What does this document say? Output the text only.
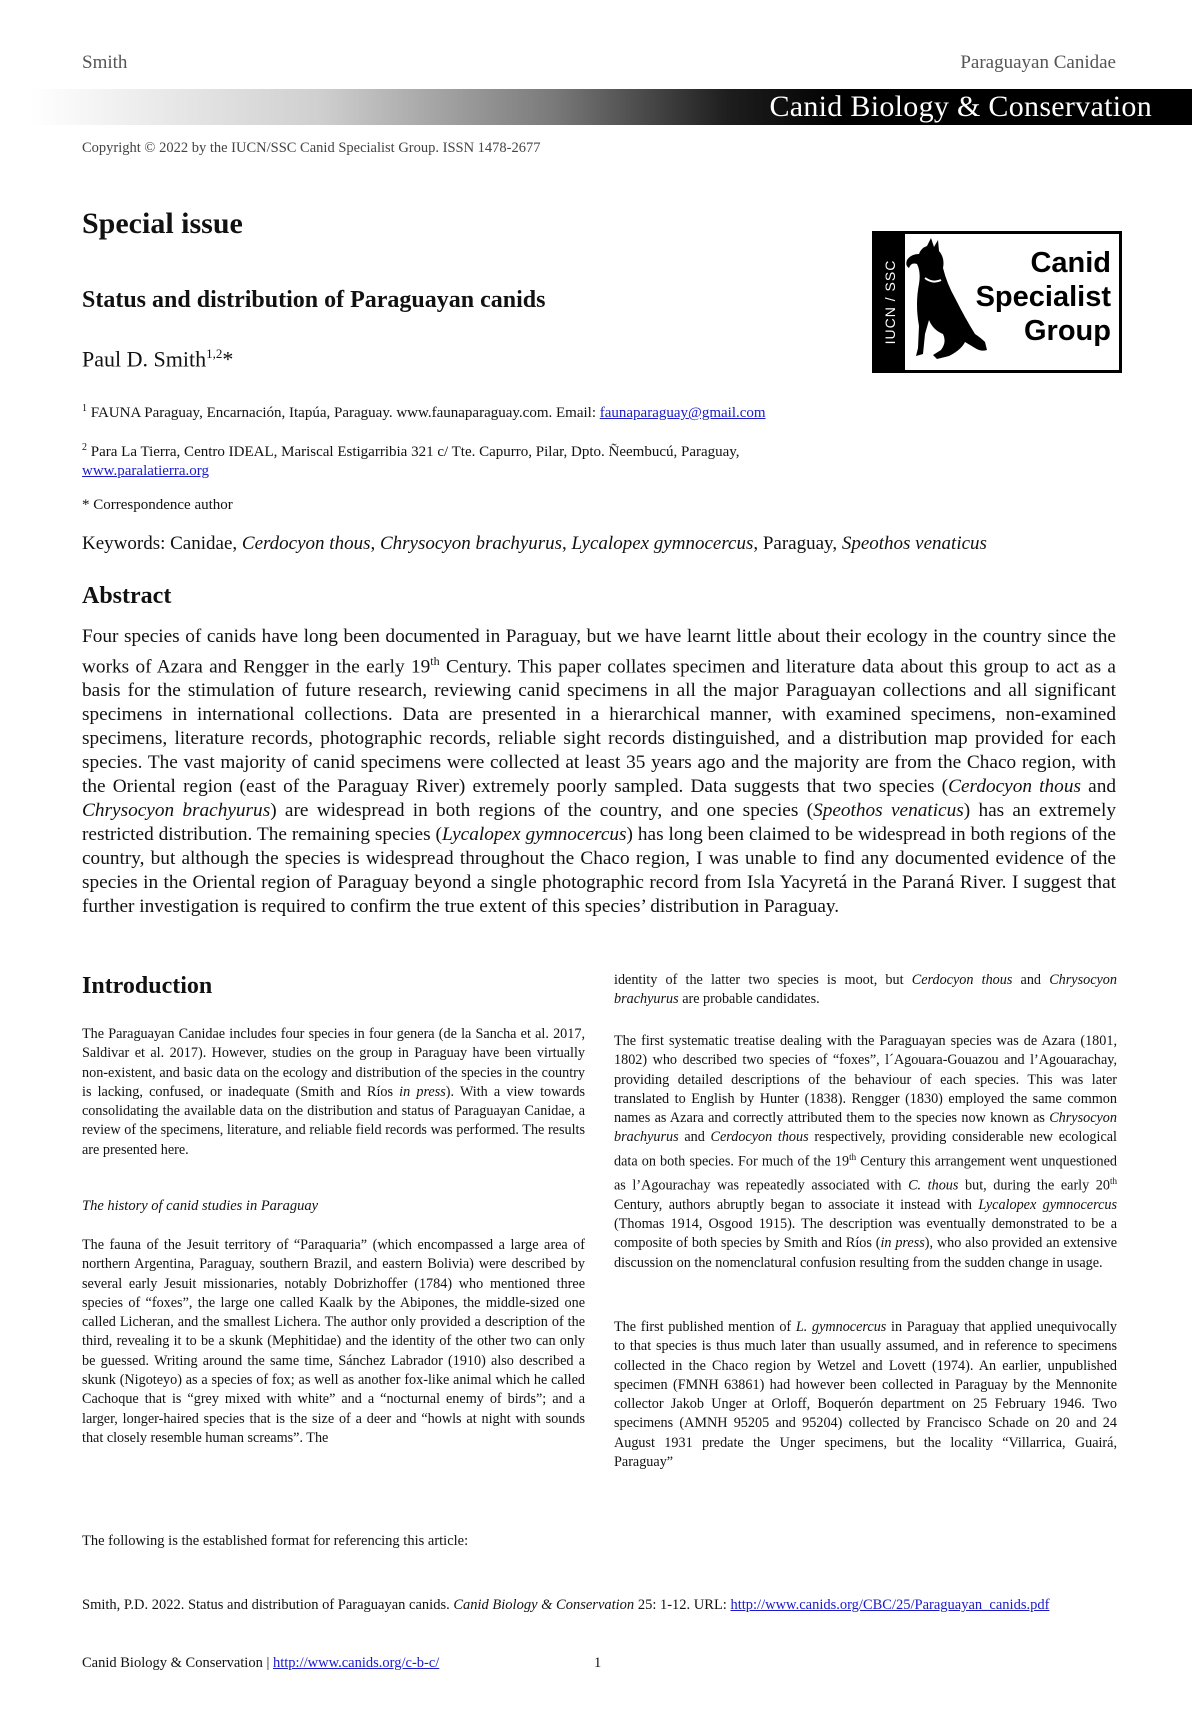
Smith	Paraguayan Canidae
Canid Biology & Conservation
Copyright © 2022 by the IUCN/SSC Canid Specialist Group. ISSN 1478-2677
Special issue
Status and distribution of Paraguayan canids
Paul D. Smith$^{1,2}$*
IUCN / SSC	Canid
Specialist
Group
$^1$ FAUNA Paraguay, Encarnación, Itapúa, Paraguay. www.faunaparaguay.com. Email: faunaparaguay@gmail.com
$^2$ Para La Tierra, Centro IDEAL, Mariscal Estigarribia 321 c/ Tte. Capurro, Pilar, Dpto. Ñeembucú, Paraguay,
www.paralatierra.org
* Correspondence author
Keywords: Canidae, Cerdocyon thous, Chrysocyon brachyurus, Lycalopex gymnocercus, Paraguay, Speothos venaticus
Abstract

Four species of canids have long been documented in Paraguay, but we have learnt little about their ecology in the country since the works of Azara and Rengger in the early 19th Century. This paper collates specimen and literature data about this group to act as a basis for the stimulation of future research, reviewing canid specimens in all the major Paraguayan collections and all significant specimens in international collections. Data are presented in a hierarchical manner, with examined specimens, non-examined specimens, literature records, photographic records, reliable sight records distinguished, and a distribution map provided for each species. The vast majority of canid specimens were collected at least 35 years ago and the majority are from the Chaco region, with the Oriental region (east of the Paraguay River) extremely poorly sampled. Data suggests that two species (Cerdocyon thous and Chrysocyon brachyurus) are widespread in both regions of the country, and one species (Speothos venaticus) has an extremely restricted distribution. The remaining species (Lycalopex gymnocercus) has long been claimed to be widespread in both regions of the country, but although the species is widespread throughout the Chaco region, I was unable to find any documented evidence of the species in the Oriental region of Paraguay beyond a single photographic record from Isla Yacyretá in the Paraná River. I suggest that further investigation is required to confirm the true extent of this species’ distribution in Paraguay.

Introduction

The Paraguayan Canidae includes four species in four genera (de la Sancha et al. 2017, Saldivar et al. 2017). However, studies on the group in Paraguay have been virtually non-existent, and basic data on the ecology and distribution of the species in the country is lacking, confused, or inadequate (Smith and Ríos in press). With a view towards consolidating the available data on the distribution and status of Paraguayan Canidae, a review of the specimens, literature, and reliable field records was performed. The results are presented here.

The history of canid studies in Paraguay

The fauna of the Jesuit territory of “Paraquaria” (which encompassed a large area of northern Argentina, Paraguay, southern Brazil, and eastern Bolivia) were described by several early Jesuit missionaries, notably Dobrizhoffer (1784) who mentioned three species of “foxes”, the large one called Kaalk by the Abipones, the middle-sized one called Licheran, and the smallest Lichera. The author only provided a description of the third, revealing it to be a skunk (Mephitidae) and the identity of the other two can only be guessed. Writing around the same time, Sánchez Labrador (1910) also described a skunk (Nigoteyo) as a species of fox; as well as another fox-like animal which he called Cachoque that is “grey mixed with white” and a “nocturnal enemy of birds”; and a larger, longer-haired species that is the size of a deer and “howls at night with sounds that closely resemble human screams”. The

identity of the latter two species is moot, but Cerdocyon thous and Chrysocyon brachyurus are probable candidates.

The first systematic treatise dealing with the Paraguayan species was de Azara (1801, 1802) who described two species of “foxes”, l´Agouara-Gouazou and l’Agouarachay, providing detailed descriptions of the behaviour of each species. This was later translated to English by Hunter (1838). Rengger (1830) employed the same common names as Azara and correctly attributed them to the species now known as Chrysocyon brachyurus and Cerdocyon thous respectively, providing considerable new ecological data on both species. For much of the 19th Century this arrangement went unquestioned as l’Agourachay was repeatedly associated with C. thous but, during the early 20th Century, authors abruptly began to associate it instead with Lycalopex gymnocercus (Thomas 1914, Osgood 1915). The description was eventually demonstrated to be a composite of both species by Smith and Ríos (in press), who also provided an extensive discussion on the nomenclatural confusion resulting from the sudden change in usage.

The first published mention of L. gymnocercus in Paraguay that applied unequivocally to that species is thus much later than usually assumed, and in reference to specimens collected in the Chaco region by Wetzel and Lovett (1974). An earlier, unpublished specimen (FMNH 63861) had however been collected in Paraguay by the Mennonite collector Jakob Unger at Orloff, Boquerón department on 25 February 1946. Two specimens (AMNH 95205 and 95204) collected by Francisco Schade on 20 and 24 August 1931 predate the Unger specimens, but the locality “Villarrica, Guairá, Paraguay”

The following is the established format for referencing this article:

Smith, P.D. 2022. Status and distribution of Paraguayan canids. Canid Biology & Conservation 25: 1-12. URL: http://www.canids.org/CBC/25/Paraguayan_canids.pdf

Canid Biology & Conservation | http://www.canids.org/c-b-c/	1
